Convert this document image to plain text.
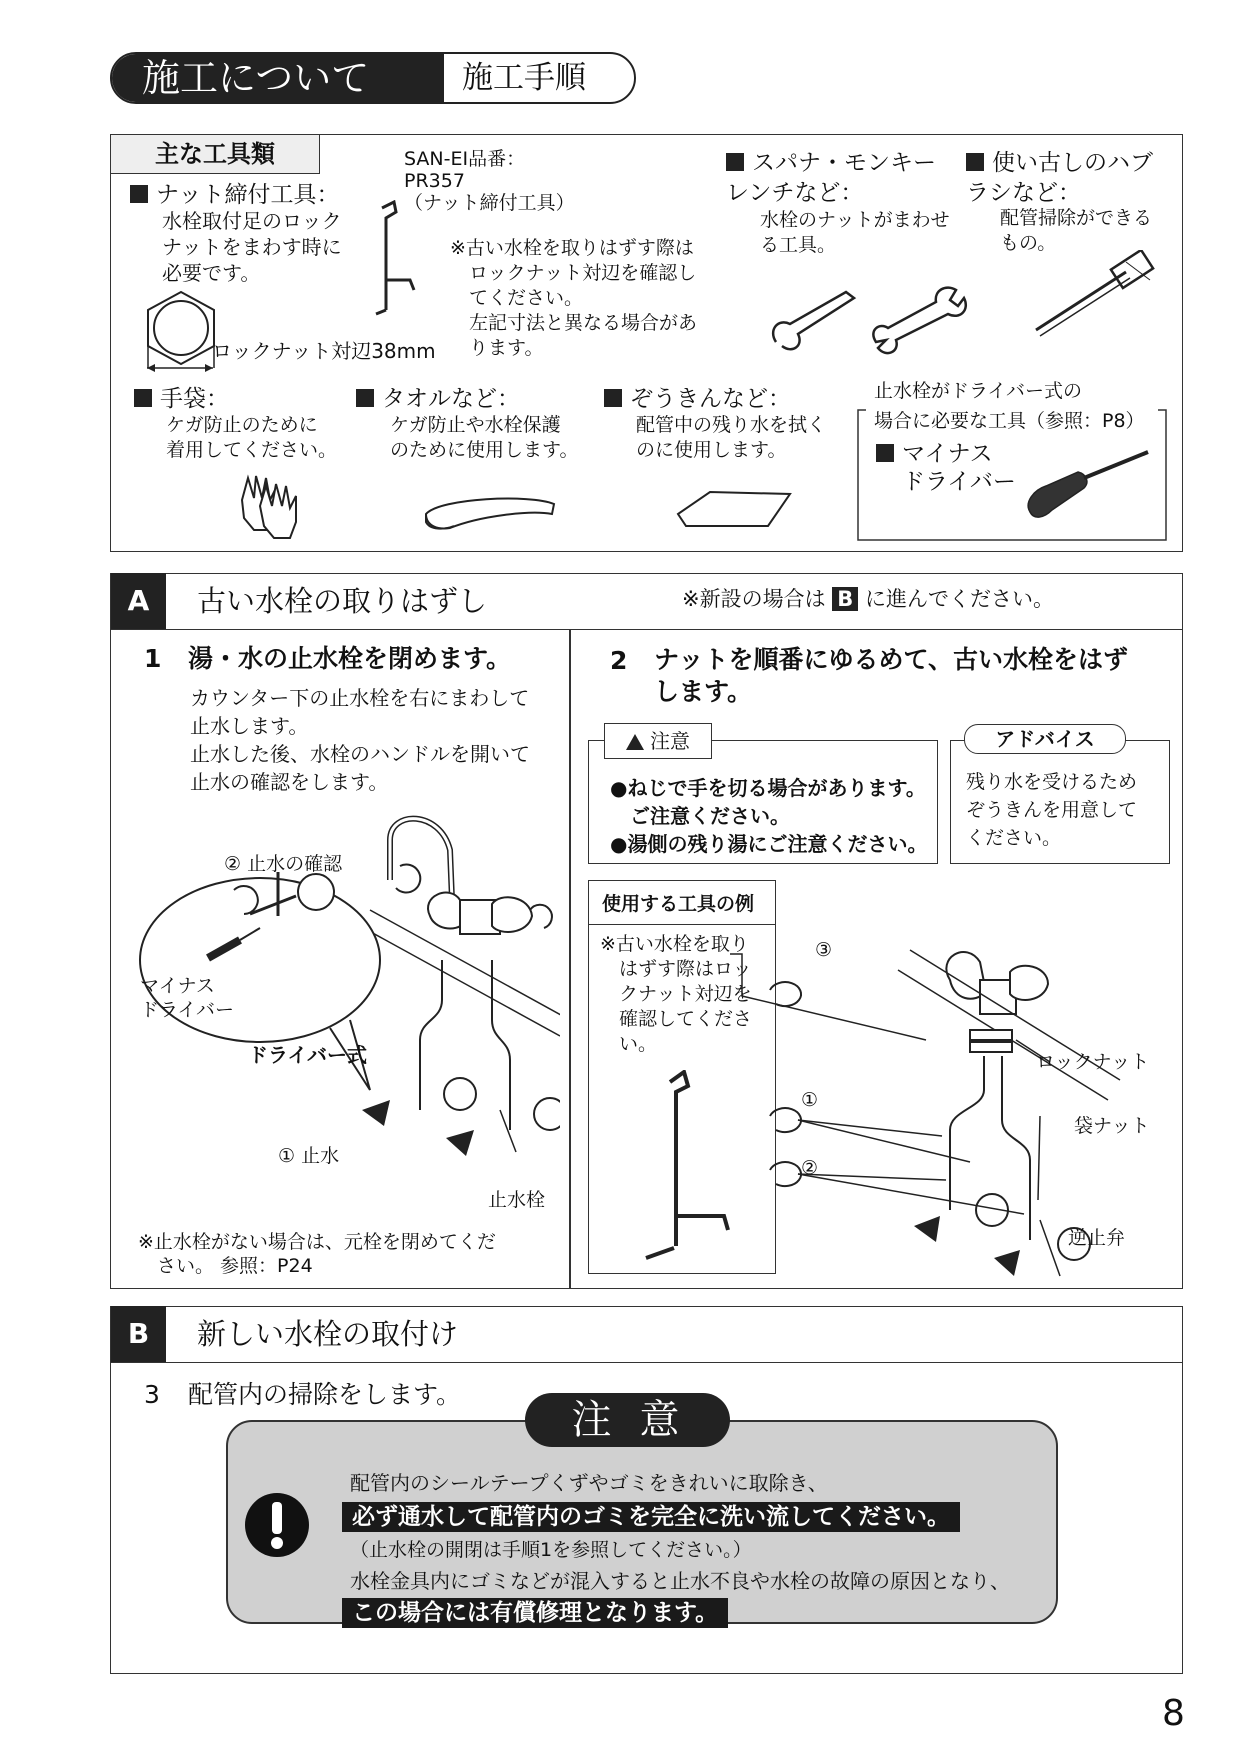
施工について	施工手順
主な工具類
ナット締付工具：
水栓取付足のロック
ナットをまわす時に
必要です。
ロックナット対辺38mm
SAN-EI品番：
PR357
（ナット締付工具）
※古い水栓を取りはずす際は
　ロックナット対辺を確認し
　てください。
　左記寸法と異なる場合があ
　ります。
スパナ・モンキー
レンチなど：
水栓のナットがまわせ
る工具。
使い古しのハブ
ラシなど：
配管掃除ができる
もの。
手袋：
ケガ防止のために
着用してください。
タオルなど：
ケガ防止や水栓保護
のために使用します。
ぞうきんなど：
配管中の残り水を拭く
のに使用します。
止水栓がドライバー式の
場合に必要な工具（参照：P8）
マイナス
ドライバー
A	古い水栓の取りはずし	※新設の場合は B に進んでください。
1 湯・水の止水栓を閉めます。
カウンター下の止水栓を右にまわして
止水します。
止水した後、水栓のハンドルを開いて
止水の確認をします。
② 止水の確認
マイナス
ドライバー
ドライバー式
① 止水
止水栓
※止水栓がない場合は、元栓を閉めてくだ
　さい。 参照：P24
2 ナットを順番にゆるめて、古い水栓をはず
します。
注意
●ねじで手を切る場合があります。
　ご注意ください。
●湯側の残り湯にご注意ください。
アドバイス
残り水を受けるため
ぞうきんを用意して
ください。
使用する工具の例
※古い水栓を取り
　はずす際はロッ
　クナット対辺を
　確認してくださ
　い。
③
①
②
ロックナット
袋ナット
逆止弁
B	新しい水栓の取付け
3 配管内の掃除をします。
注意
配管内のシールテープくずやゴミをきれいに取除き、
必ず通水して配管内のゴミを完全に洗い流してください。
（止水栓の開閉は手順1を参照してください。）
水栓金具内にゴミなどが混入すると止水不良や水栓の故障の原因となり、
この場合には有償修理となります。
8
